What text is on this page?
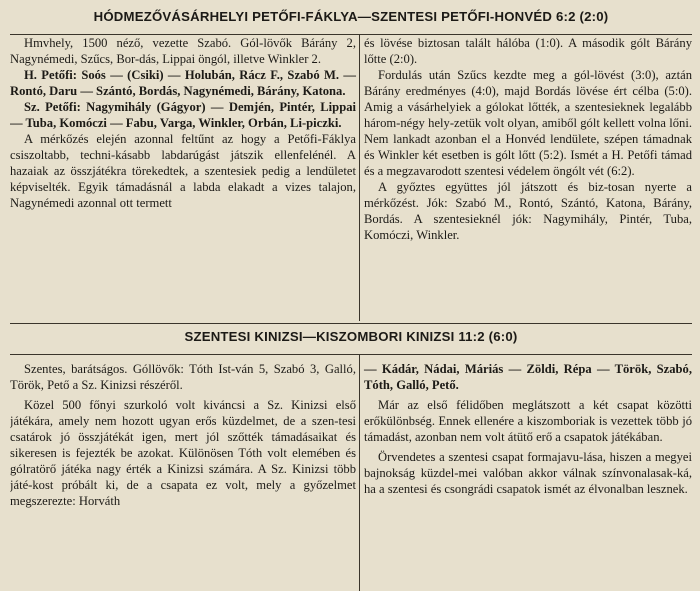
HÓDMEZŐVÁSÁRHELYI PETŐFI-FÁKLYA—SZENTESI PETŐFI-HONVÉD 6:2 (2:0)

Hmvhely, 1500 néző, vezette Szabó. Gól-lövők Bárány 2, Nagynémedi, Szűcs, Bor-dás, Lippai öngól, illetve Winkler 2.

H. Petőfi: Soós — (Csiki) — Holubán, Rácz F., Szabó M. — Rontó, Daru — Szántó, Bordás, Nagynémedi, Bárány, Katona.

Sz. Petőfi: Nagymihály (Gágyor) — Demjén, Pintér, Lippai — Tuba, Komóczi — Fabu, Varga, Winkler, Orbán, Li-piczki.

A mérkőzés elején azonnal feltűnt az hogy a Petőfi-Fáklya csiszoltabb, techni-kásabb labdarúgást játszik ellenfelénél. A hazaiak az összjátékra törekedtek, a szentesiek pedig a lendületet képviselték. Egyik támadásnál a labda elakadt a vizes talajon, Nagynémedi azonnal ott termett

és lövése biztosan talált hálóba (1:0). A második gólt Bárány lőtte (2:0).

Fordulás után Szűcs kezdte meg a gól-lövést (3:0), aztán Bárány eredményes (4:0), majd Bordás lövése ért célba (5:0). Amig a vásárhelyiek a gólokat lőtték, a szentesieknek legalább három-négy hely-zetük volt olyan, amiből gólt kellett volna lőni. Nem lankadt azonban el a Honvéd lendülete, szépen támadnak és Winkler két esetben is gólt lőtt (5:2). Ismét a H. Petőfi támad és a megzavarodott szentesi védelem öngólt vét (6:2).

A győztes együttes jól játszott és biz-tosan nyerte a mérkőzést. Jók: Szabó M., Rontó, Szántó, Katona, Bárány, Bordás. A szentesieknél jók: Nagymihály, Pintér, Tuba, Komóczi, Winkler.

SZENTESI KINIZSI—KISZOMBORI KINIZSI 11:2 (6:0)

Szentes, barátságos. Góllövők: Tóth Ist-ván 5, Szabó 3, Galló, Török, Pető a Sz. Kinizsi részéről.

Közel 500 főnyi szurkoló volt kiváncsi a Sz. Kinizsi első játékára, amely nem hozott ugyan erős küzdelmet, de a szen-tesi csatárok jó összjátékát igen, mert jól szőtték támadásaikat és sikeresen is fejezték be azokat. Különösen Tóth volt elemében és gólratörő játéka nagy érték a Kinizsi számára. A Sz. Kinizsi több játé-kost próbált ki, de a csapata ez volt, mely a győzelmet megszerezte: Horváth

— Kádár, Nádai, Máriás — Zöldi, Répa — Török, Szabó, Tóth, Galló, Pető.

Már az első félidőben meglátszott a két csapat közötti erőkülönbség. Ennek ellenére a kiszomboriak is vezettek több jó támadást, azonban nem volt átütő erő a csapatok játékában.

Örvendetes a szentesi csapat formajavu-lása, hiszen a megyei bajnokság küzdel-mei valóban akkor válnak színvonalasak-ká, ha a szentesi és csongrádi csapatok ismét az élvonalban lesznek.
